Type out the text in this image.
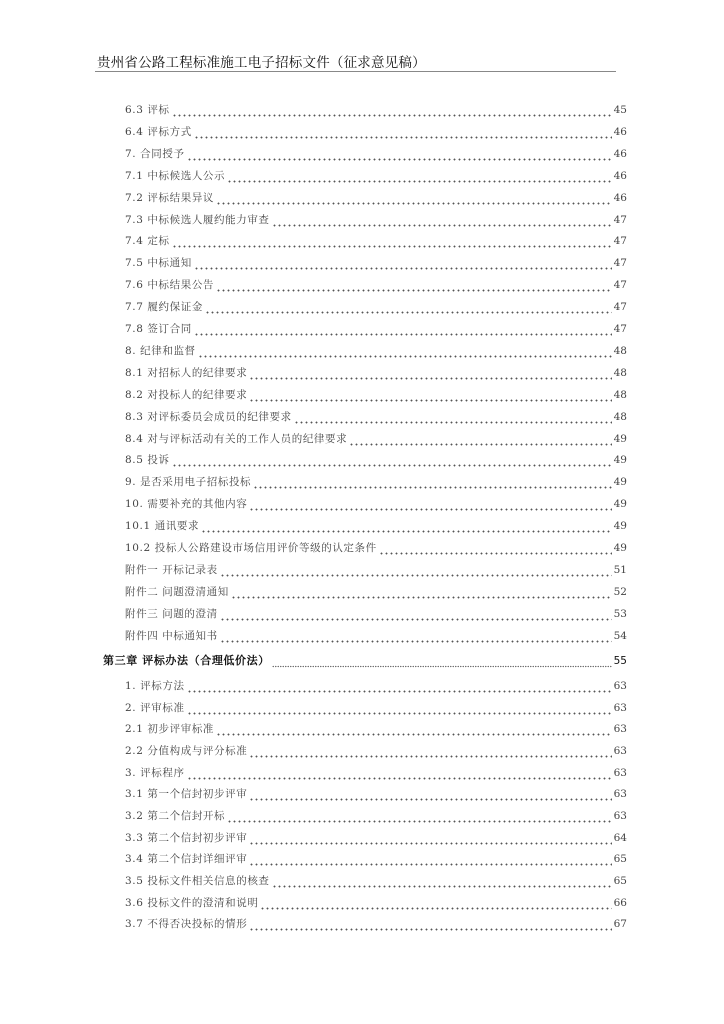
贵州省公路工程标准施工电子招标文件（征求意见稿）
6.3 评标	45
6.4 评标方式	46
7. 合同授予	46
7.1 中标候选人公示	46
7.2 评标结果异议	46
7.3 中标候选人履约能力审查	47
7.4 定标	47
7.5 中标通知	47
7.6 中标结果公告	47
7.7 履约保证金	47
7.8 签订合同	47
8. 纪律和监督	48
8.1 对招标人的纪律要求	48
8.2 对投标人的纪律要求	48
8.3 对评标委员会成员的纪律要求	48
8.4 对与评标活动有关的工作人员的纪律要求	49
8.5 投诉	49
9. 是否采用电子招标投标	49
10. 需要补充的其他内容	49
10.1 通讯要求	49
10.2 投标人公路建设市场信用评价等级的认定条件	49
附件一 开标记录表	51
附件二 问题澄清通知	52
附件三 问题的澄清	53
附件四 中标通知书	54
第三章 评标办法（合理低价法）	55
1. 评标方法	63
2. 评审标准	63
2.1 初步评审标准	63
2.2 分值构成与评分标准	63
3. 评标程序	63
3.1 第一个信封初步评审	63
3.2 第二个信封开标	63
3.3 第二个信封初步评审	64
3.4 第二个信封详细评审	65
3.5 投标文件相关信息的核查	65
3.6 投标文件的澄清和说明	66
3.7 不得否决投标的情形	67
